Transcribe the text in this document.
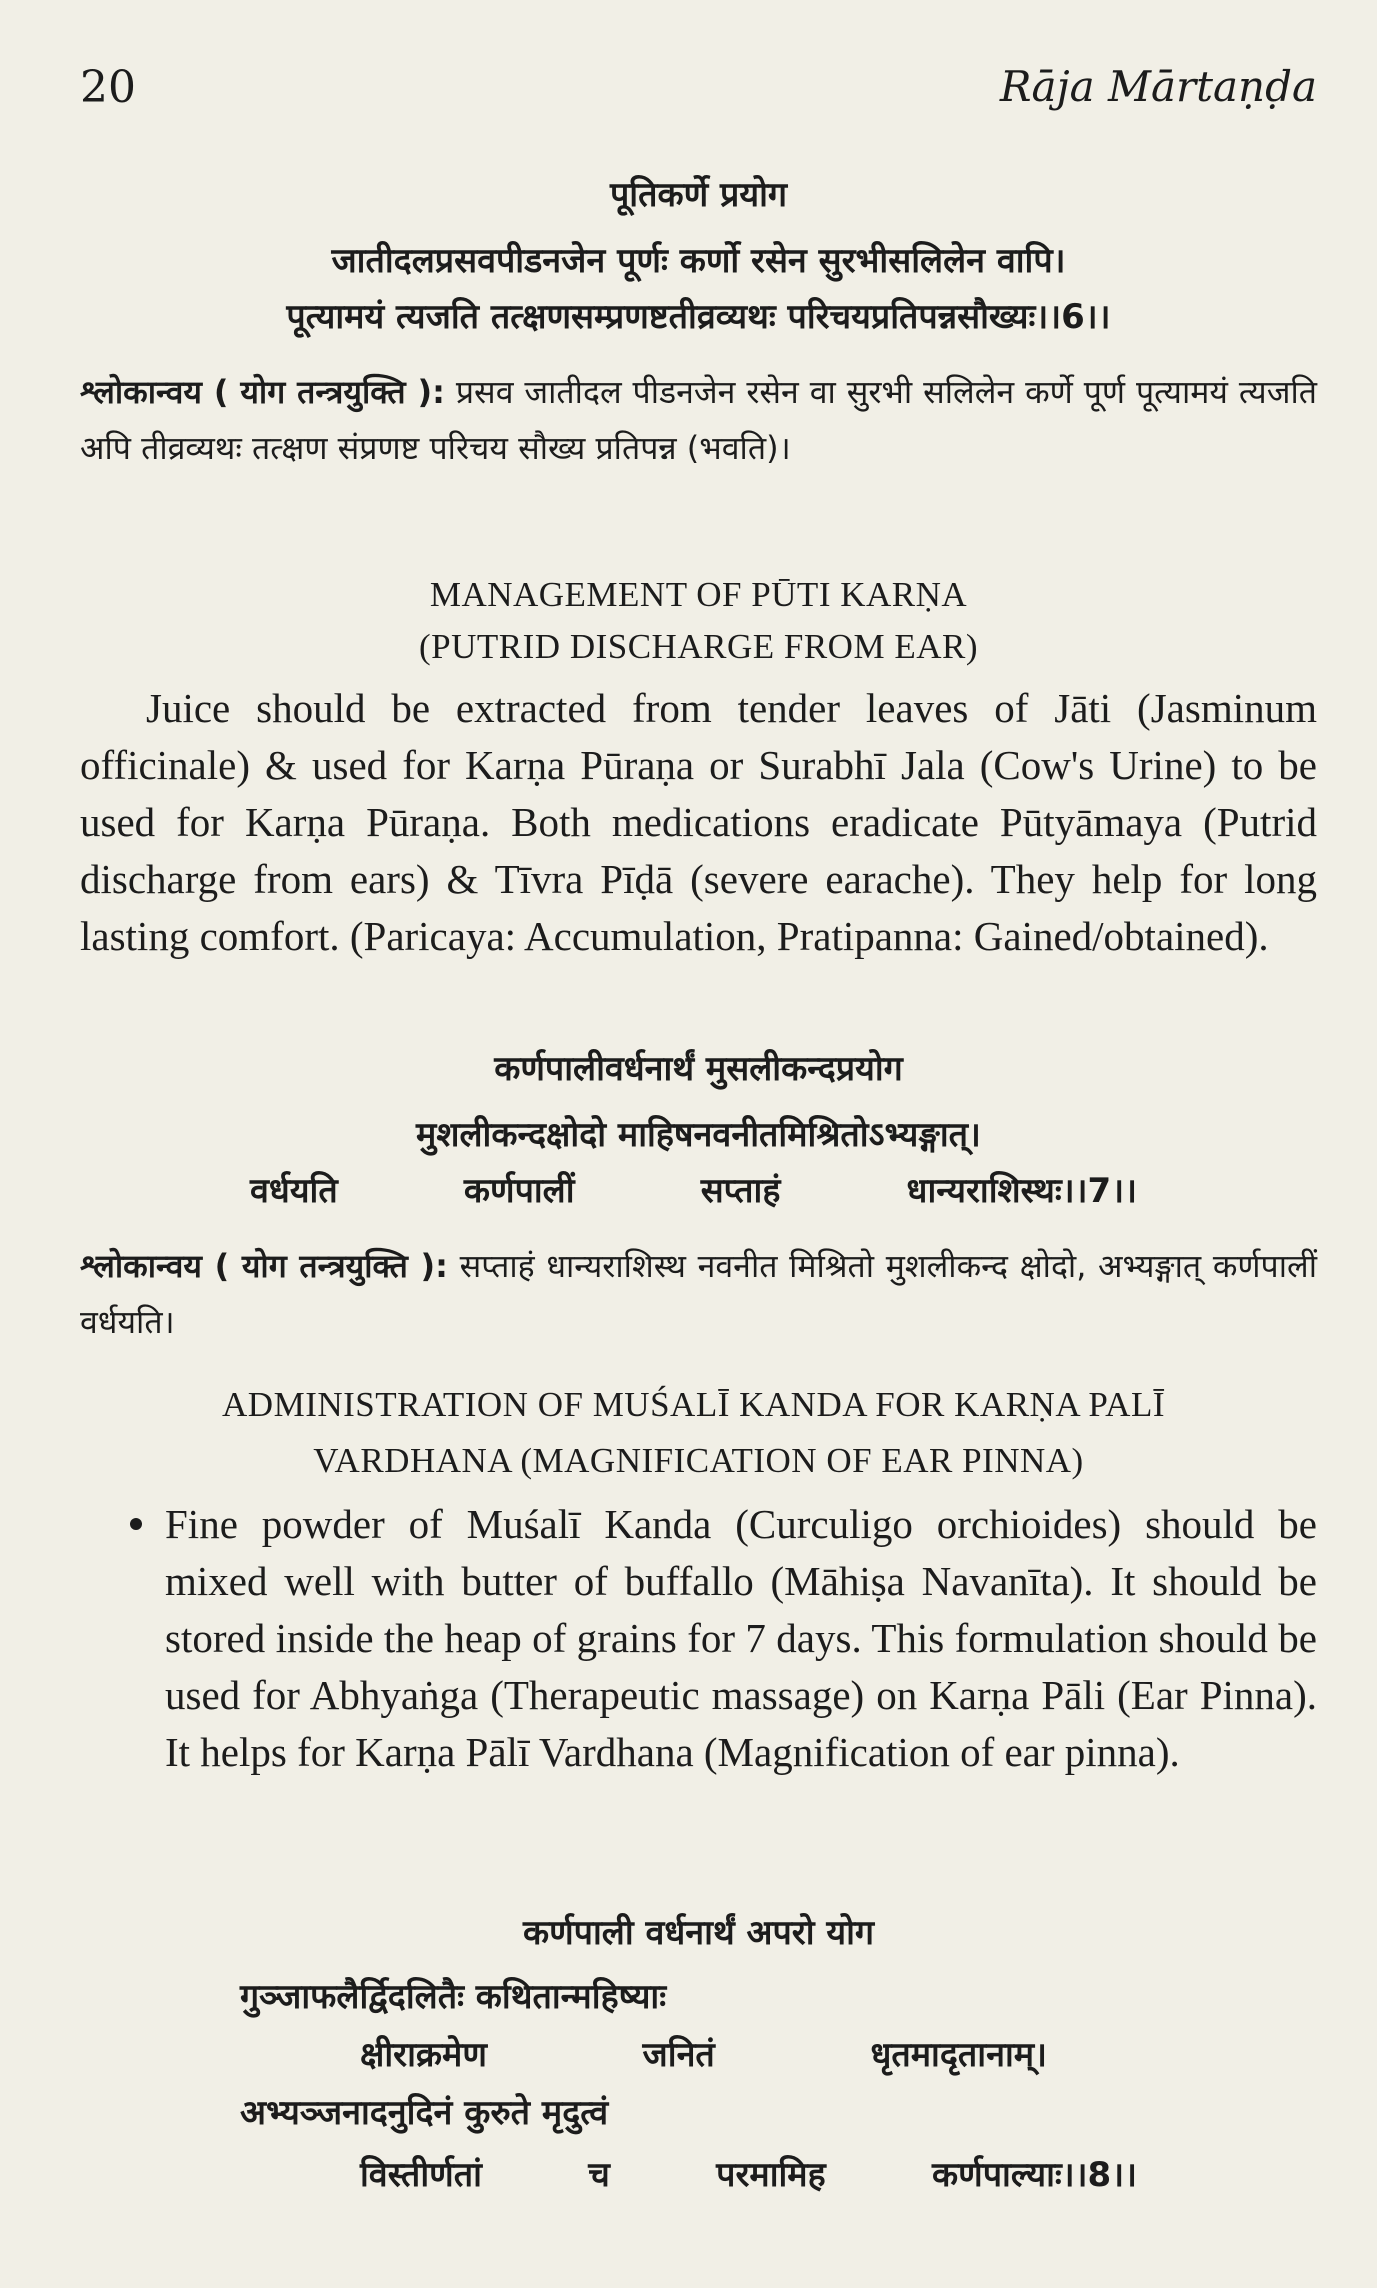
20	Rāja Mārtaṇḍa
पूतिकर्णे प्रयोग
जातीदलप्रसवपीडनजेन पूर्णः कर्णो रसेन सुरभीसलिलेन वापि।
पूत्यामयं त्यजति तत्क्षणसम्प्रणष्टतीव्रव्यथः परिचयप्रतिपन्नसौख्यः।।6।।
श्लोकान्वय ( योग तन्त्रयुक्ति ): प्रसव जातीदल पीडनजेन रसेन वा सुरभी सलिलेन कर्णे पूर्ण पूत्यामयं त्यजति अपि तीव्रव्यथः तत्क्षण संप्रणष्ट परिचय सौख्य प्रतिपन्न (भवति)।
MANAGEMENT OF PŪTI KARṆA
(PUTRID DISCHARGE FROM EAR)
Juice should be extracted from tender leaves of Jāti (Jasminum officinale) & used for Karṇa Pūraṇa or Surabhī Jala (Cow's Urine) to be used for Karṇa Pūraṇa. Both medications eradicate Pūtyāmaya (Putrid discharge from ears) & Tīvra Pīḍā (severe earache). They help for long lasting comfort. (Paricaya: Accumulation, Pratipanna: Gained/obtained).
कर्णपालीवर्धनार्थं मुसलीकन्दप्रयोग
मुशलीकन्दक्षोदो माहिषनवनीतमिश्रितोऽभ्यङ्गात्।
वर्धयति	कर्णपालीं	सप्ताहं	धान्यराशिस्थः।।7।।
श्लोकान्वय ( योग तन्त्रयुक्ति ): सप्ताहं धान्यराशिस्थ नवनीत मिश्रितो मुशलीकन्द क्षोदो, अभ्यङ्गात् कर्णपालीं वर्धयति।
ADMINISTRATION OF MUŚALĪ KANDA FOR KARṆA PALĪ
VARDHANA (MAGNIFICATION OF EAR PINNA)
Fine powder of Muśalī Kanda (Curculigo orchioides) should be mixed well with butter of buffallo (Māhiṣa Navanīta). It should be stored inside the heap of grains for 7 days. This formulation should be used for Abhyaṅga (Therapeutic massage) on Karṇa Pāli (Ear Pinna). It helps for Karṇa Pālī Vardhana (Magnification of ear pinna).
कर्णपाली वर्धनार्थं अपरो योग
गुञ्जाफलैर्द्विदलितैः कथितान्महिष्याः
क्षीराक्रमेण	जनितं	धृतमादृतानाम्।
अभ्यञ्जनादनुदिनं कुरुते मृदुत्वं
विस्तीर्णतां	च	परमामिह	कर्णपाल्याः।।8।।
